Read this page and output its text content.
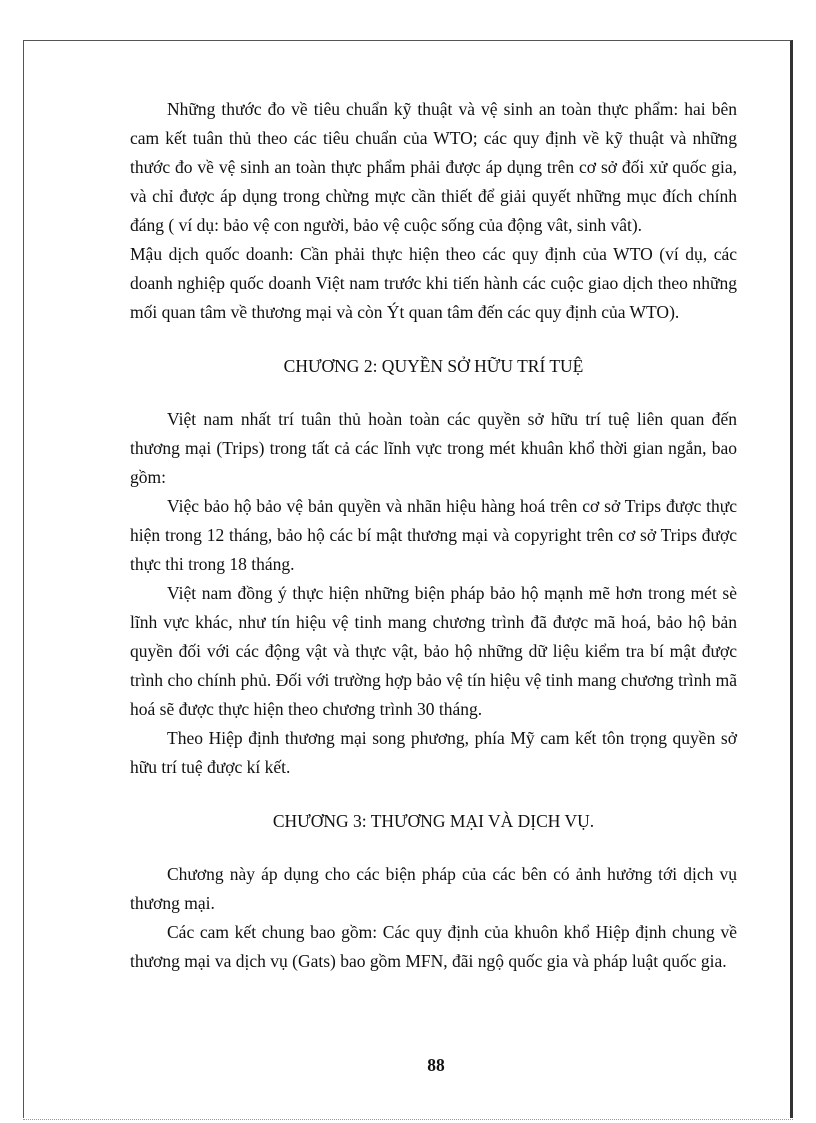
Những thước đo về tiêu chuẩn kỹ thuật và vệ sinh an toàn thực phẩm: hai bên cam kết tuân thủ theo các tiêu chuẩn của WTO; các quy định về kỹ thuật và những thước đo về vệ sinh an toàn thực phẩm phải được áp dụng trên cơ sở đối xử quốc gia, và chỉ được áp dụng trong chừng mực cần thiết để giải quyết những mục đích chính đáng ( ví dụ: bảo vệ con người, bảo vệ cuộc sống của động vât, sinh vât).

Mậu dịch quốc doanh: Cần phải thực hiện theo các quy định của WTO (ví dụ, các doanh nghiệp quốc doanh Việt nam trước khi tiến hành các cuộc giao dịch theo những mối quan tâm về thương mại và còn Ýt quan tâm đến các quy định của WTO).

CHƯƠNG 2: QUYỀN SỞ HỮU TRÍ TUỆ

Việt nam nhất trí tuân thủ hoàn toàn các quyền sở hữu trí tuệ liên quan đến thương mại (Trips) trong tất cả các lĩnh vực trong mét khuân khổ thời gian ngắn, bao gồm:

Việc bảo hộ bảo vệ bản quyền và nhãn hiệu hàng hoá trên cơ sở Trips được thực hiện trong 12 tháng, bảo hộ các bí mật thương mại và copyright trên cơ sở Trips được thực thi trong 18 tháng.

Việt nam đồng ý thực hiện những biện pháp bảo hộ mạnh mẽ hơn trong mét sè lĩnh vực khác, như tín hiệu vệ tinh mang chương trình đã được mã hoá, bảo hộ bản quyền đối với các động vật và thực vật, bảo hộ những dữ liệu kiểm tra bí mật được trình cho chính phủ. Đối với trường hợp bảo vệ tín hiệu vệ tinh mang chương trình mã hoá sẽ được thực hiện theo chương trình 30 tháng.

Theo Hiệp định thương mại song phương, phía Mỹ cam kết tôn trọng quyền sở hữu trí tuệ được kí kết.

CHƯƠNG 3: THƯƠNG MẠI VÀ DỊCH VỤ.

Chương này áp dụng cho các biện pháp của các bên có ảnh hưởng tới dịch vụ thương mại.

Các cam kết chung bao gồm: Các quy định của khuôn khổ Hiệp định chung về thương mại va dịch vụ (Gats) bao gồm MFN, đãi ngộ quốc gia và pháp luật quốc gia.

88
